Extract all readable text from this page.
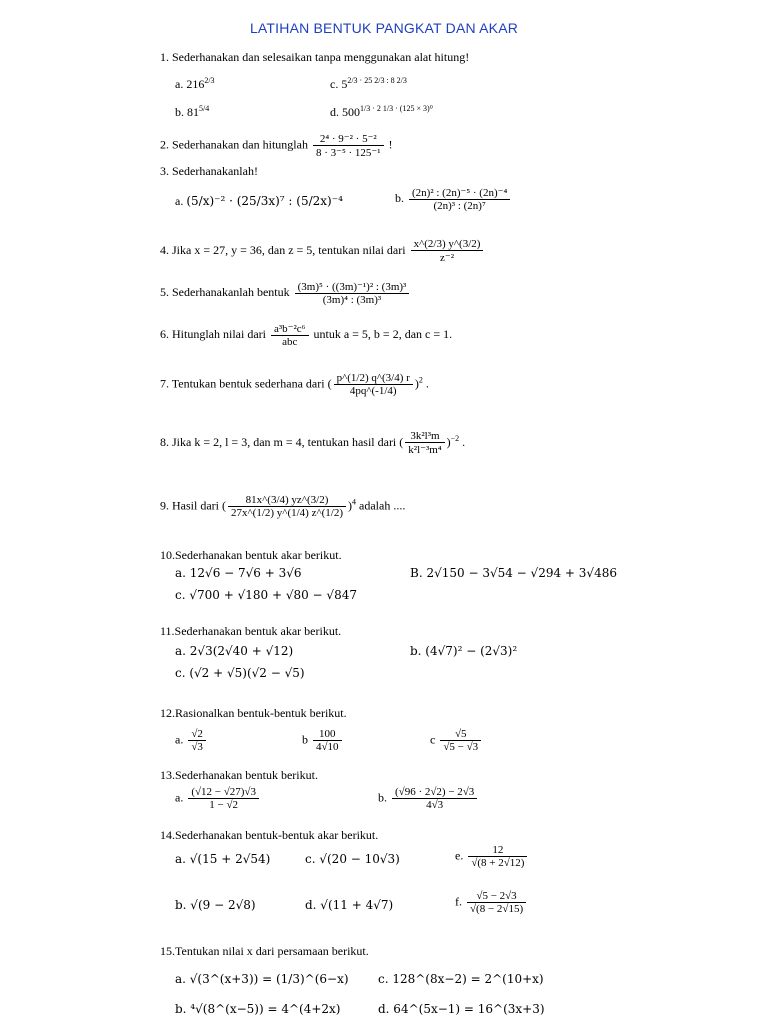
LATIHAN BENTUK PANGKAT DAN AKAR
1. Sederhanakan dan selesaikan tanpa menggunakan alat hitung!
a. $216^{2/3}$	c. $5^{2/3 \cdot 25 2/3 : 8 2/3}$
b. $81^{5/4}$	d. $500^{1/3 \cdot 2 1/3 \cdot (125 \times 3)^0}$
2. Sederhanakan dan hitunglah $\frac{\text{2⁴ · 9⁻² · 5⁻²}}{\text{8 · 3⁻⁵ · 125⁻¹}}$ !
3. Sederhanakanlah!
a. (5/x)⁻² · (25/3x)⁷ : (5/2x)⁻⁴	b. $\frac{\text{(2n)² : (2n)⁻⁵ · (2n)⁻⁴}}{\text{(2n)³ : (2n)⁷}}$
4. Jika x = 27, y = 36, dan z = 5, tentukan nilai dari $\frac{x\^{}(2/3) y\^{}(3/2)}{\text{z⁻²}}$
5. Sederhanakanlah bentuk $\frac{\text{(3m)⁵ · ((3m)⁻¹)² : (3m)³}}{\text{(3m)⁴ : (3m)³}}$
6. Hitunglah nilai dari $\frac{\text{a³b⁻²c⁶}}{\text{abc}}$ untuk a = 5, b = 2, dan c = 1.
7. Tentukan bentuk sederhana dari ( $\frac{p\^{}(1/2) q\^{}(3/4) r}{4pq\^{}(-1/4)} )^2$ .
8. Jika k = 2, l = 3, dan m = 4, tentukan hasil dari ( $\frac{\text{3k²l³m}}{\text{k²l⁻³m⁴}} )^{-2}$ .
9. Hasil dari ( $\frac{81x\^{}(3/4) yz\^{}(3/2)}{27x\^{}(1/2) y\^{}(1/4) z\^{}(1/2)} )^4$ adalah ....
10.Sederhanakan bentuk akar berikut.
a. 12√6 − 7√6 + 3√6	B. 2√150 − 3√54 − √294 + 3√486
c. √700 + √180 + √80 − √847
11.Sederhanakan bentuk akar berikut.
a. 2√3(2√40 + √12)	b. (4√7)² − (2√3)²
c. (√2 + √5)(√2 − √5)
12.Rasionalkan bentuk-bentuk berikut.
a. $\frac{√2}{√3}$	b $\frac{100}{4√10}$	c $\frac{√5}{√5 - √3}$
13.Sederhanakan bentuk berikut.
a. $\frac{(√12 - √27)√3}{1 - √2}$	b. $\frac{(√96 \cdot 2√2) - 2√3}{4√3}$
14.Sederhanakan bentuk-bentuk akar berikut.
a. √(15 + 2√54)	c. √(20 − 10√3)	e. $\frac{12}{√(8 + 2√12)}$
b. √(9 − 2√8)	d. √(11 + 4√7)	f. $\frac{√5 - 2√3}{√(8 - 2√15)}$
15.Tentukan nilai x dari persamaan berikut.
a. √(3^(x+3)) = (1/3)^(6−x) c. 128^(8x−2) = 2^(10+x)
b. ⁴√(8^(x−5)) = 4^(4+2x)	d. 64^(5x−1) = 16^(3x+3)
